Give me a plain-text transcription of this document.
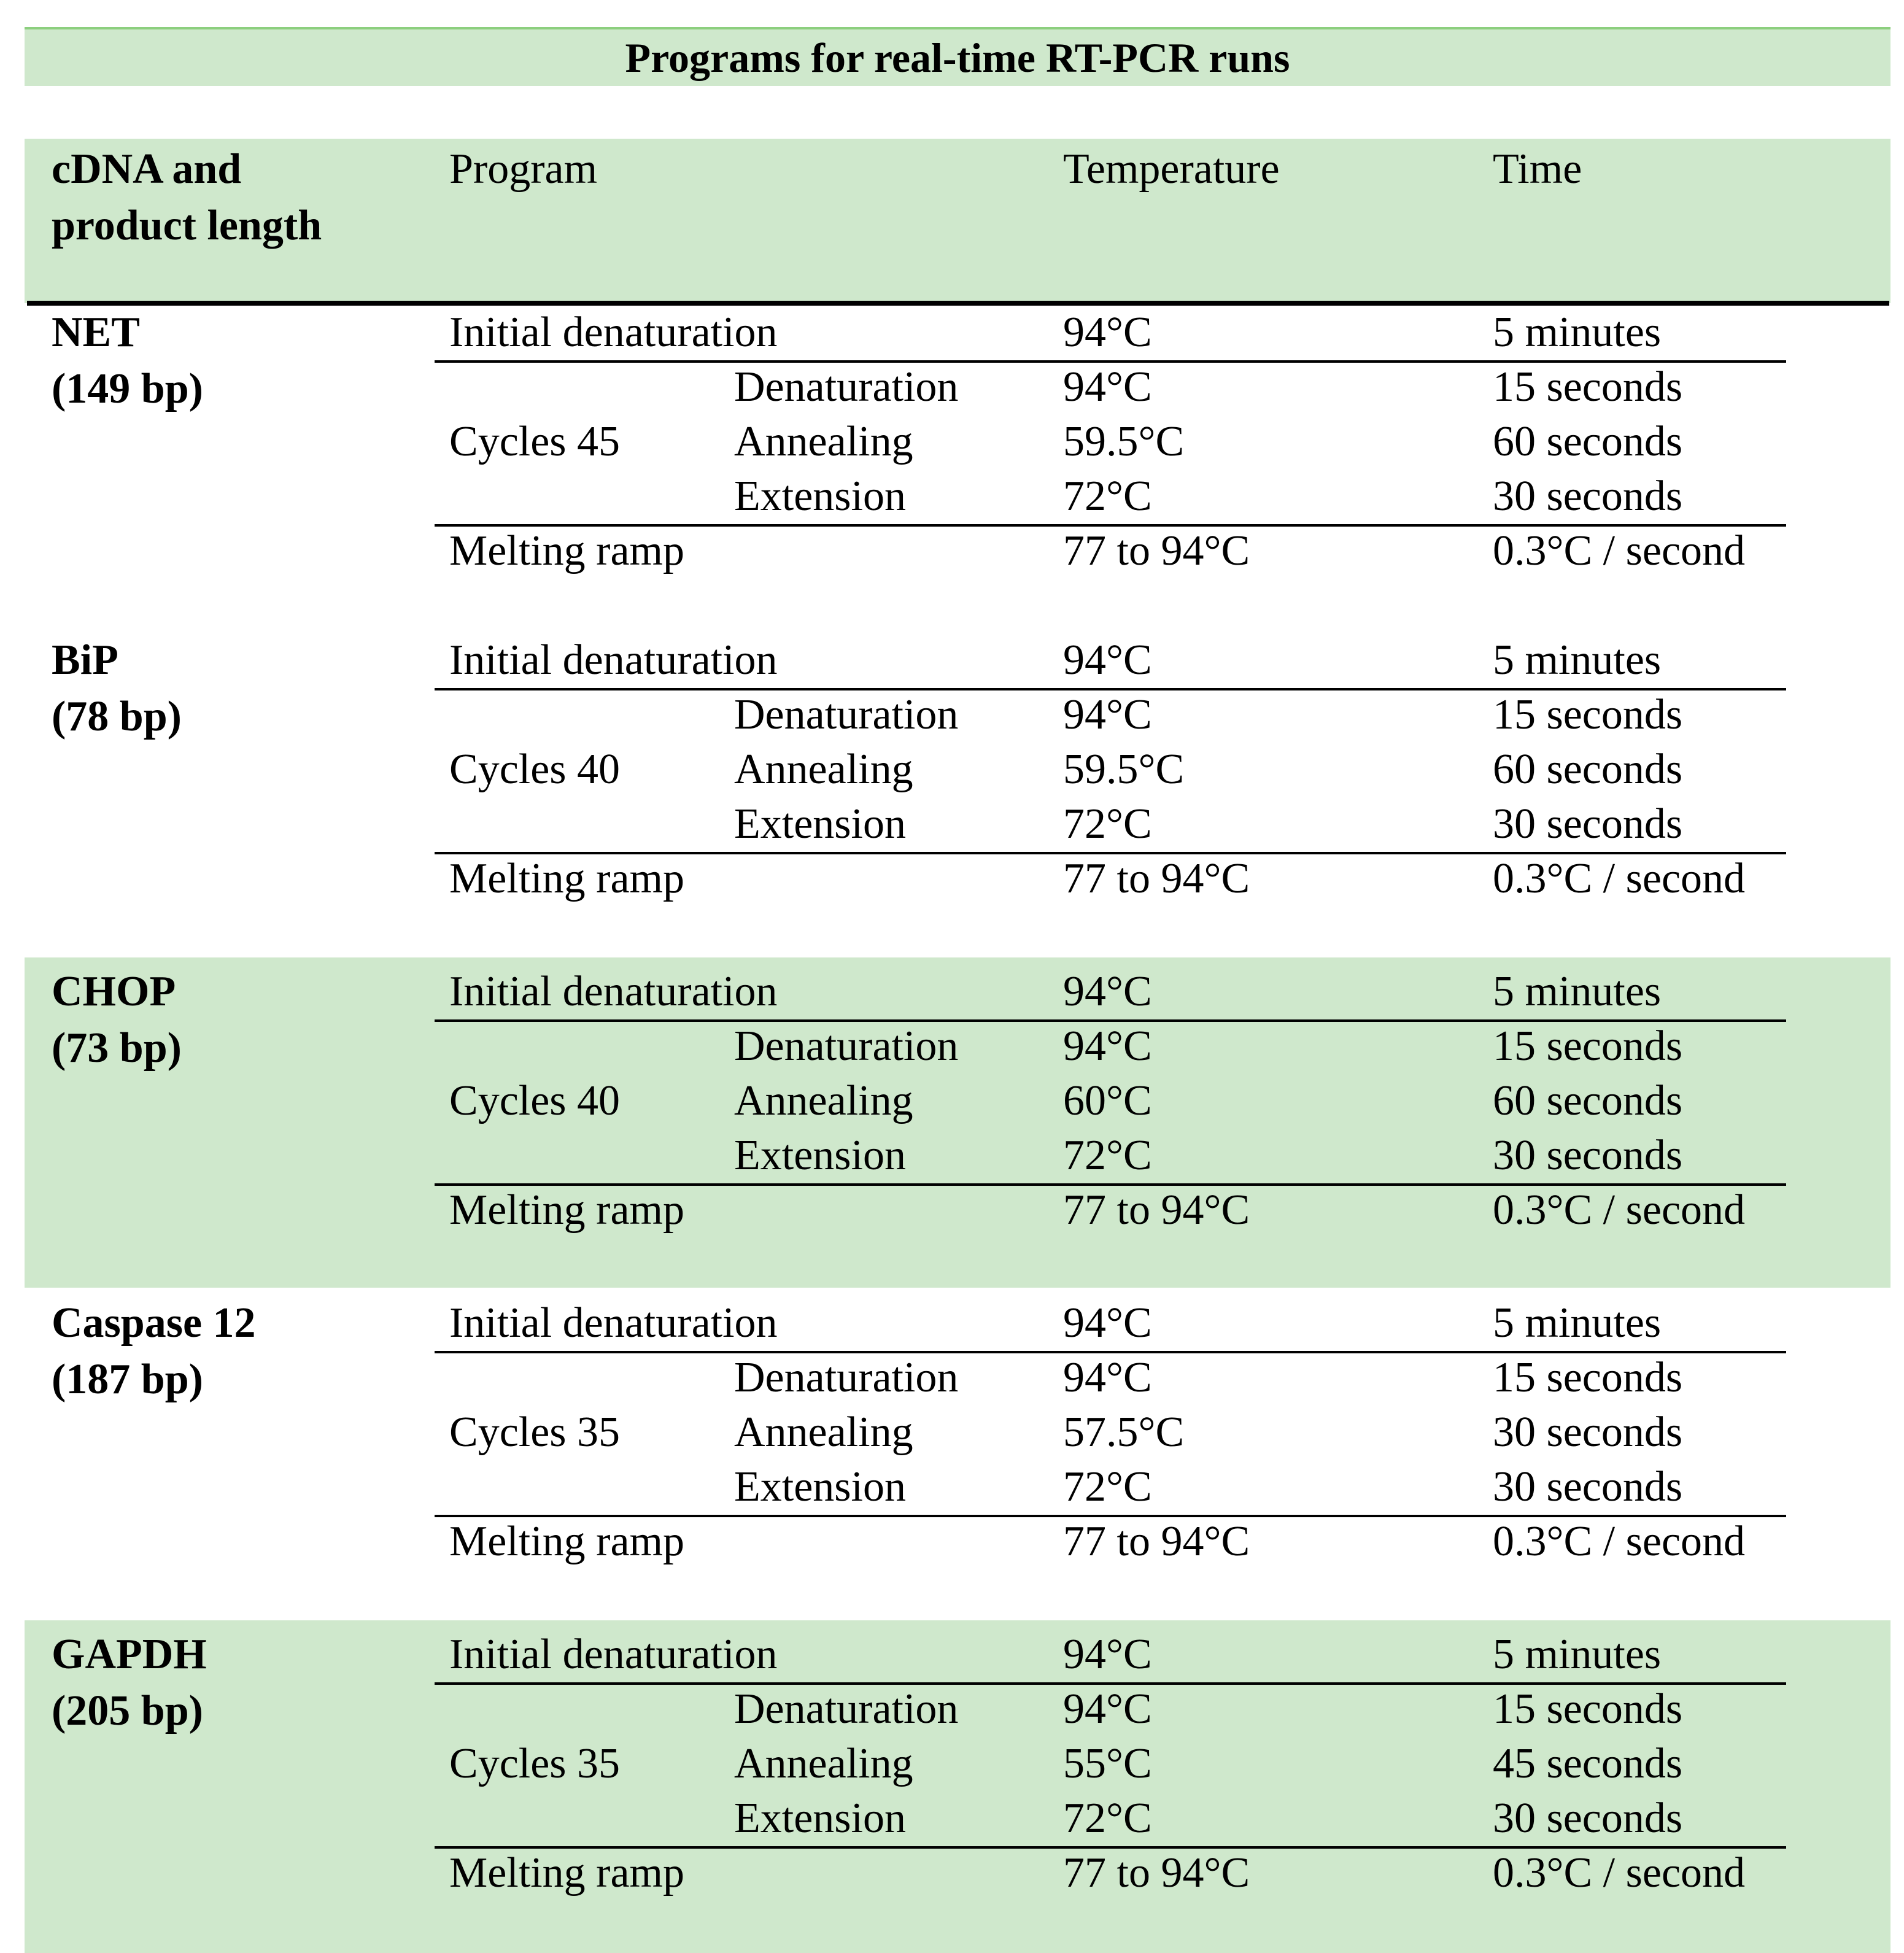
Programs for real-time RT-PCR runs
cDNA and
product length
Program	Temperature	Time
NET
(149 bp)
Initial denaturation	94°C	5 minutes
Cycles 45
Denaturation 94°C	15 seconds
Annealing	59.5°C	60 seconds
Extension	72°C	30 seconds
Melting ramp	77 to 94°C	0.3°C / second
BiP
(78 bp)
Initial denaturation	94°C	5 minutes
Cycles 40
Denaturation 94°C	15 seconds
Annealing	59.5°C	60 seconds
Extension	72°C	30 seconds
Melting ramp	77 to 94°C	0.3°C / second
CHOP
(73 bp)
Initial denaturation	94°C	5 minutes
Cycles 40
Denaturation 94°C	15 seconds
Annealing	60°C	60 seconds
Extension	72°C	30 seconds
Melting ramp	77 to 94°C	0.3°C / second
Caspase 12
(187 bp)
Initial denaturation	94°C	5 minutes
Cycles 35
Denaturation 94°C	15 seconds
Annealing	57.5°C	30 seconds
Extension	72°C	30 seconds
Melting ramp	77 to 94°C	0.3°C / second
GAPDH
(205 bp)
Initial denaturation	94°C	5 minutes
Cycles 35
Denaturation 94°C	15 seconds
Annealing	55°C	45 seconds
Extension	72°C	30 seconds
Melting ramp	77 to 94°C	0.3°C / second
